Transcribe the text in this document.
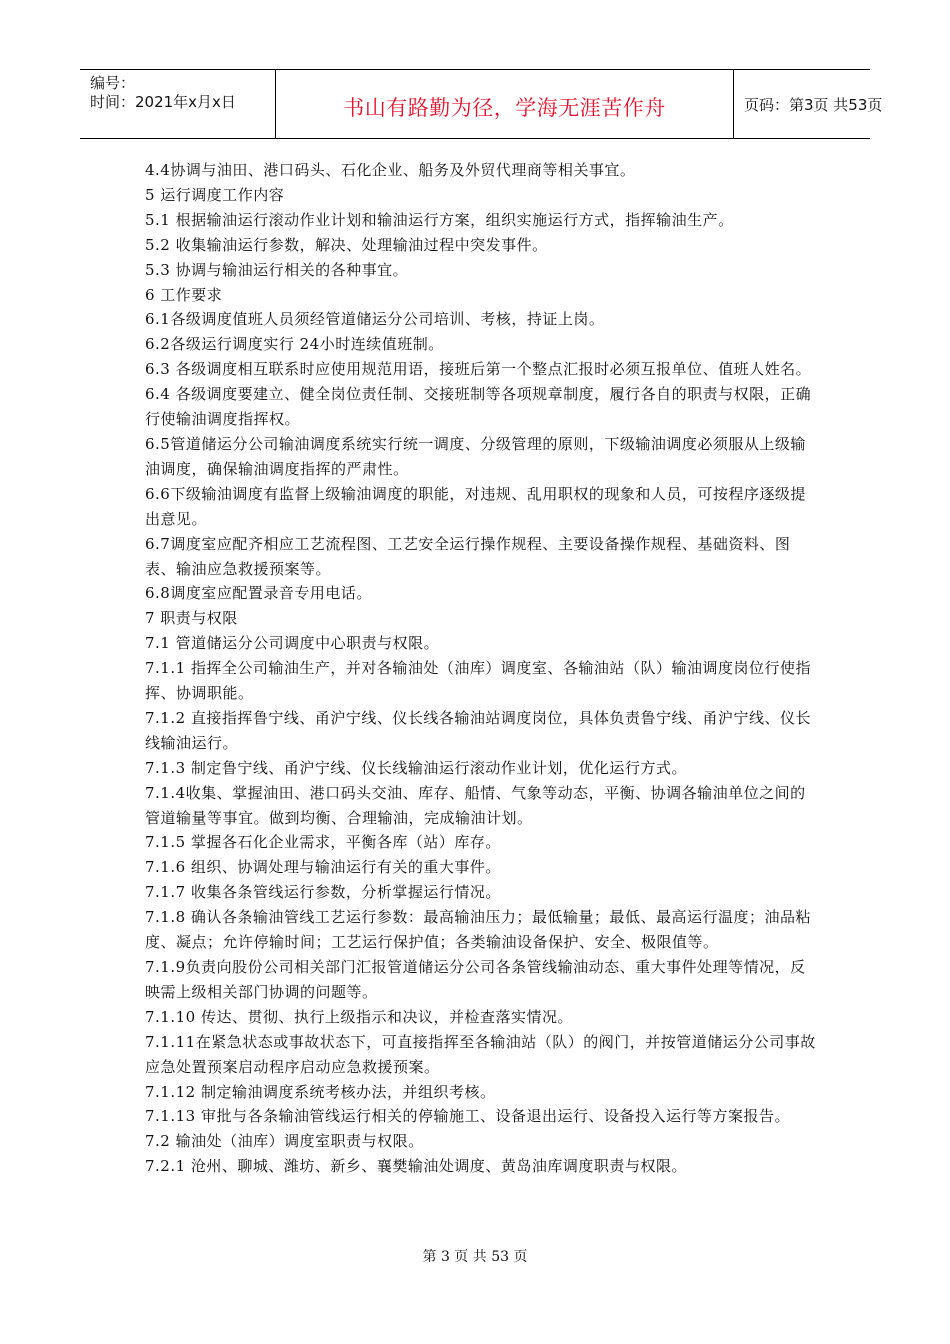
编号：
时间：2021年x月x日	书山有路勤为径，学海无涯苦作舟	页码：第3页 共53页

4.4协调与油田、港口码头、石化企业、船务及外贸代理商等相关事宜。

5 运行调度工作内容

5.1 根据输油运行滚动作业计划和输油运行方案，组织实施运行方式，指挥输油生产。

5.2 收集输油运行参数，解决、处理输油过程中突发事件。

5.3 协调与输油运行相关的各种事宜。

6 工作要求

6.1各级调度值班人员须经管道储运分公司培训、考核，持证上岗。

6.2各级运行调度实行 24小时连续值班制。

6.3 各级调度相互联系时应使用规范用语，接班后第一个整点汇报时必须互报单位、值班人姓名。

6.4 各级调度要建立、健全岗位责任制、交接班制等各项规章制度，履行各自的职责与权限，正确行使输油调度指挥权。

6.5管道储运分公司输油调度系统实行统一调度、分级管理的原则，下级输油调度必须服从上级输油调度，确保输油调度指挥的严肃性。

6.6下级输油调度有监督上级输油调度的职能，对违规、乱用职权的现象和人员，可按程序逐级提出意见。

6.7调度室应配齐相应工艺流程图、工艺安全运行操作规程、主要设备操作规程、基础资料、图表、输油应急救援预案等。

6.8调度室应配置录音专用电话。

7 职责与权限

7.1 管道储运分公司调度中心职责与权限。

7.1.1 指挥全公司输油生产，并对各输油处（油库）调度室、各输油站（队）输油调度岗位行使指挥、协调职能。

7.1.2 直接指挥鲁宁线、甬沪宁线、仪长线各输油站调度岗位，具体负责鲁宁线、甬沪宁线、仪长线输油运行。

7.1.3 制定鲁宁线、甬沪宁线、仪长线输油运行滚动作业计划，优化运行方式。

7.1.4收集、掌握油田、港口码头交油、库存、船情、气象等动态，平衡、协调各输油单位之间的管道输量等事宜。做到均衡、合理输油，完成输油计划。

7.1.5 掌握各石化企业需求，平衡各库（站）库存。

7.1.6 组织、协调处理与输油运行有关的重大事件。

7.1.7 收集各条管线运行参数，分析掌握运行情况。

7.1.8 确认各条输油管线工艺运行参数：最高输油压力；最低输量；最低、最高运行温度；油品粘度、凝点；允许停输时间；工艺运行保护值；各类输油设备保护、安全、极限值等。

7.1.9负责向股份公司相关部门汇报管道储运分公司各条管线输油动态、重大事件处理等情况，反映需上级相关部门协调的问题等。

7.1.10 传达、贯彻、执行上级指示和决议，并检查落实情况。

7.1.11在紧急状态或事故状态下，可直接指挥至各输油站（队）的阀门，并按管道储运分公司事故应急处置预案启动程序启动应急救援预案。

7.1.12 制定输油调度系统考核办法，并组织考核。

7.1.13 审批与各条输油管线运行相关的停输施工、设备退出运行、设备投入运行等方案报告。

7.2 输油处（油库）调度室职责与权限。

7.2.1 沧州、聊城、潍坊、新乡、襄樊输油处调度、黄岛油库调度职责与权限。

第 3 页 共 53 页
